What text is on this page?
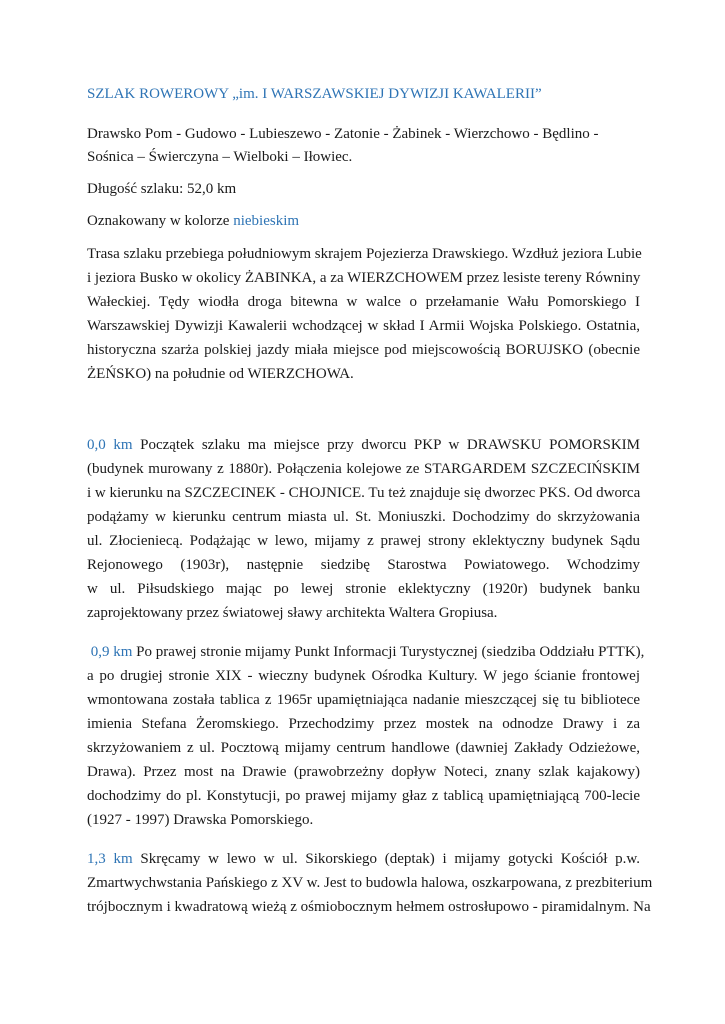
SZLAK ROWEROWY „im. I WARSZAWSKIEJ DYWIZJI KAWALERII”

Drawsko Pom - Gudowo - Lubieszewo - Zatonie - Żabinek - Wierzchowo - Będlino - Sośnica – Świerczyna – Wielboki – Iłowiec.

Długość szlaku: 52,0 km

Oznakowany w kolorze niebieskim

Trasa szlaku przebiega południowym skrajem Pojezierza Drawskiego. Wzdłuż jeziora Lubie
i jeziora Busko w okolicy ŻABINKA, a za WIERZCHOWEM przez lesiste tereny Równiny
Wałeckiej. Tędy wiodła droga bitewna w walce o przełamanie Wału Pomorskiego I
Warszawskiej Dywizji Kawalerii wchodzącej w skład I Armii Wojska Polskiego. Ostatnia,
historyczna szarża polskiej jazdy miała miejsce pod miejscowością BORUJSKO (obecnie
ŻEŃSKO) na południe od WIERZCHOWA.
0,0 km Początek szlaku ma miejsce przy dworcu PKP w DRAWSKU POMORSKIM
(budynek murowany z 1880r). Połączenia kolejowe ze STARGARDEM SZCZECIŃSKIM
i w kierunku na SZCZECINEK - CHOJNICE. Tu też znajduje się dworzec PKS. Od dworca
podążamy w kierunku centrum miasta ul. St. Moniuszki. Dochodzimy do skrzyżowania
ul. Złocieniecą. Podążając w lewo, mijamy z prawej strony eklektyczny budynek Sądu
Rejonowego (1903r), następnie siedzibę Starostwa Powiatowego. Wchodzimy
w ul. Piłsudskiego mając po lewej stronie eklektyczny (1920r) budynek banku
zaprojektowany przez światowej sławy architekta Waltera Gropiusa.
0,9 km Po prawej stronie mijamy Punkt Informacji Turystycznej (siedziba Oddziału PTTK),
a po drugiej stronie XIX - wieczny budynek Ośrodka Kultury. W jego ścianie frontowej
wmontowana została tablica z 1965r upamiętniająca nadanie mieszczącej się tu bibliotece
imienia Stefana Żeromskiego. Przechodzimy przez mostek na odnodze Drawy i za
skrzyżowaniem z ul. Pocztową mijamy centrum handlowe (dawniej Zakłady Odzieżowe,
Drawa). Przez most na Drawie (prawobrzeżny dopływ Noteci, znany szlak kajakowy)
dochodzimy do pl. Konstytucji, po prawej mijamy głaz z tablicą upamiętniającą 700-lecie
(1927 - 1997) Drawska Pomorskiego.
1,3 km Skręcamy w lewo w ul. Sikorskiego (deptak) i mijamy gotycki Kościół p.w.
Zmartwychwstania Pańskiego z XV w. Jest to budowla halowa, oszkarpowana, z prezbiterium
trójbocznym i kwadratową wieżą z ośmiobocznym hełmem ostrosłupowo - piramidalnym. Na
